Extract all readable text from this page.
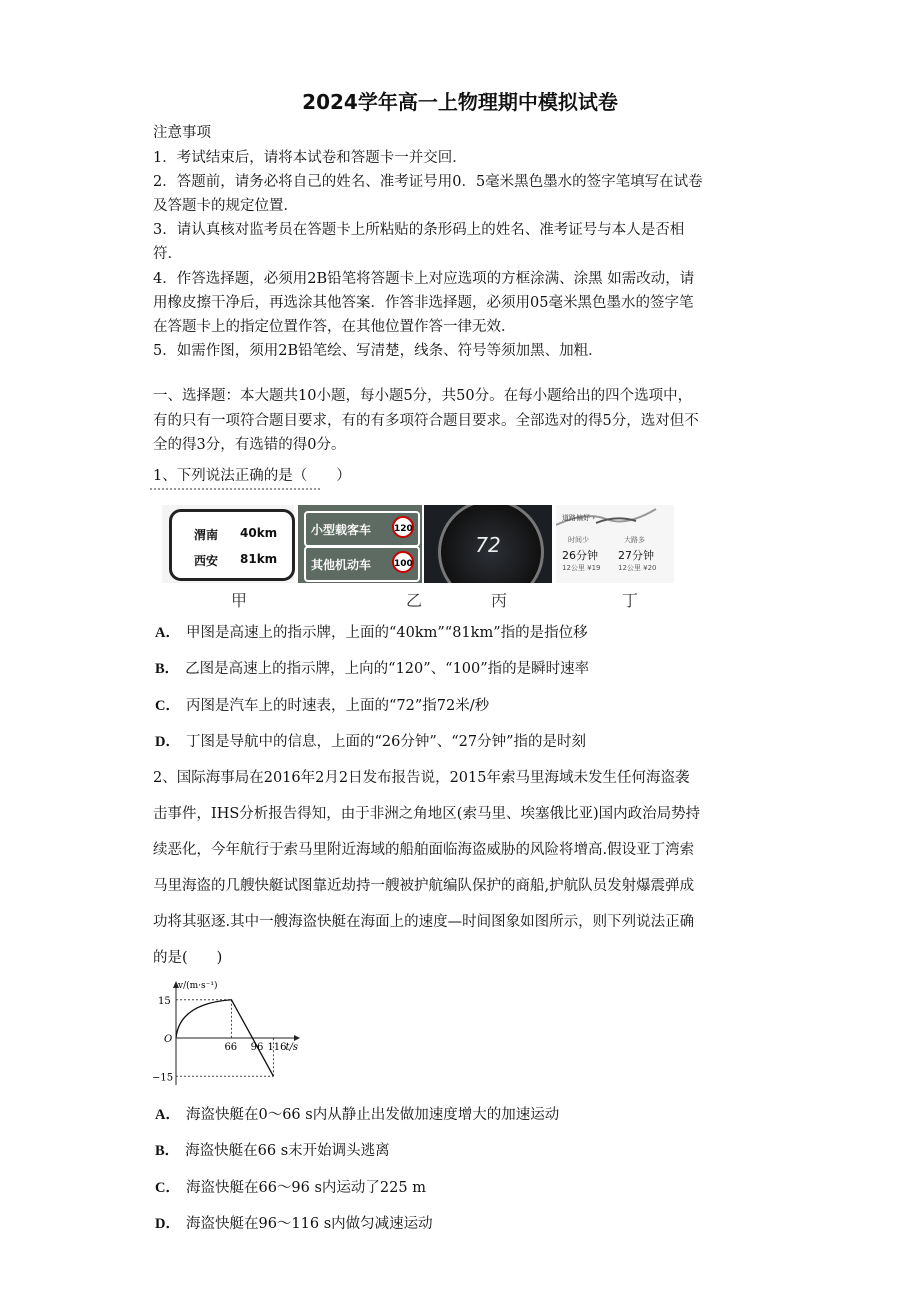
2024学年高一上物理期中模拟试卷
注意事项
1．考试结束后，请将本试卷和答题卡一并交回．
2．答题前，请务必将自己的姓名、准考证号用0．5毫米黑色墨水的签字笔填写在试卷
及答题卡的规定位置．
3．请认真核对监考员在答题卡上所粘贴的条形码上的姓名、准考证号与本人是否相
符．
4．作答选择题，必须用2B铅笔将答题卡上对应选项的方框涂满、涂黑 如需改动，请
用橡皮擦干净后，再选涂其他答案．作答非选择题，必须用05毫米黑色墨水的签字笔
在答题卡上的指定位置作答，在其他位置作答一律无效．
5．如需作图，须用2B铅笔绘、写清楚，线条、符号等须加黑、加粗．
一、选择题：本大题共10小题，每小题5分，共50分。在每小题给出的四个选项中，
有的只有一项符合题目要求，有的有多项符合题目要求。全部选对的得5分，选对但不
全的得3分，有选错的得0分。
1、下列说法正确的是（　　）
渭南 40km
西安 81km
小型载客车	120
其他机动车	100
72
道路偏好 ›
时间少
26分钟
12公里 ¥19
大路多
27分钟
12公里 ¥20
甲	乙	丙	丁
A． 甲图是高速上的指示牌，上面的“40km”“81km”指的是指位移
B． 乙图是高速上的指示牌，上向的“120”、“100”指的是瞬时速率
C． 丙图是汽车上的时速表，上面的“72”指72米/秒
D． 丁图是导航中的信息，上面的“26分钟”、“27分钟”指的是时刻
2、国际海事局在2016年2月2日发布报告说，2015年索马里海域未发生任何海盗袭
击事件，IHS分析报告得知，由于非洲之角地区(索马里、埃塞俄比亚)国内政治局势持
续恶化，今年航行于索马里附近海域的船舶面临海盗威胁的风险将增高.假设亚丁湾索
马里海盗的几艘快艇试图靠近劫持一艘被护航编队保护的商船,护航队员发射爆震弹成
功将其驱逐.其中一艘海盗快艇在海面上的速度—时间图象如图所示，则下列说法正确
的是(　　)
66 96 116
t/s
15
−15
O
v/(m·s⁻¹)
A． 海盗快艇在0～66 s内从静止出发做加速度增大的加速运动
B． 海盗快艇在66 s末开始调头逃离
C． 海盗快艇在66～96 s内运动了225 m
D． 海盗快艇在96～116 s内做匀减速运动
